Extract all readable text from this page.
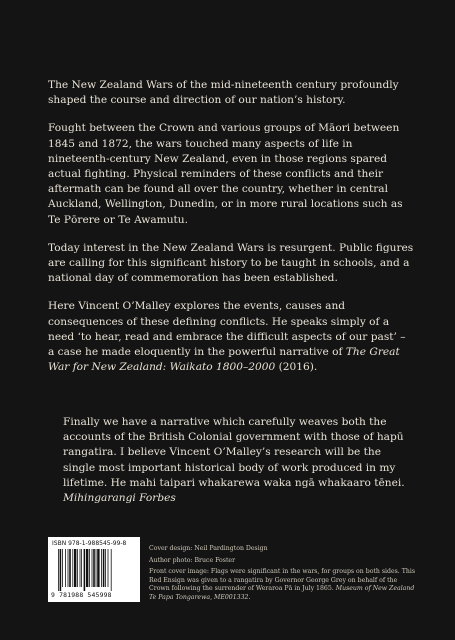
The New Zealand Wars of the mid-nineteenth century profoundly shaped the course and direction of our nation’s history.

Fought between the Crown and various groups of Māori between 1845 and 1872, the wars touched many aspects of life in nineteenth-century New Zealand, even in those regions spared actual fighting. Physical reminders of these conflicts and their aftermath can be found all over the country, whether in central Auckland, Wellington, Dunedin, or in more rural locations such as Te Pōrere or Te Awamutu.

Today interest in the New Zealand Wars is resurgent. Public figures are calling for this significant history to be taught in schools, and a national day of commemoration has been established.

Here Vincent O’Malley explores the events, causes and consequences of these defining conflicts. He speaks simply of a need ‘to hear, read and embrace the difficult aspects of our past’ – a case he made eloquently in the powerful narrative of The Great War for New Zealand: Waikato 1800–2000 (2016).

Finally we have a narrative which carefully weaves both the accounts of the British Colonial government with those of hapū rangatira. I believe Vincent O’Malley’s research will be the single most important historical body of work produced in my lifetime. He mahi taipari whakarewa waka ngā whakaaro tēnei.

Mihingarangi Forbes

ISBN 978-1-988545-99-8
9 781988 545998

Cover design: Neil Pardington Design

Author photo: Bruce Foster

Front cover image: Flags were significant in the wars, for groups on both sides. This Red Ensign was given to a rangatira by Governor George Grey on behalf of the Crown following the surrender of Weraroa Pā in July 1865. Museum of New Zealand Te Papa Tongarewa, ME001332.
